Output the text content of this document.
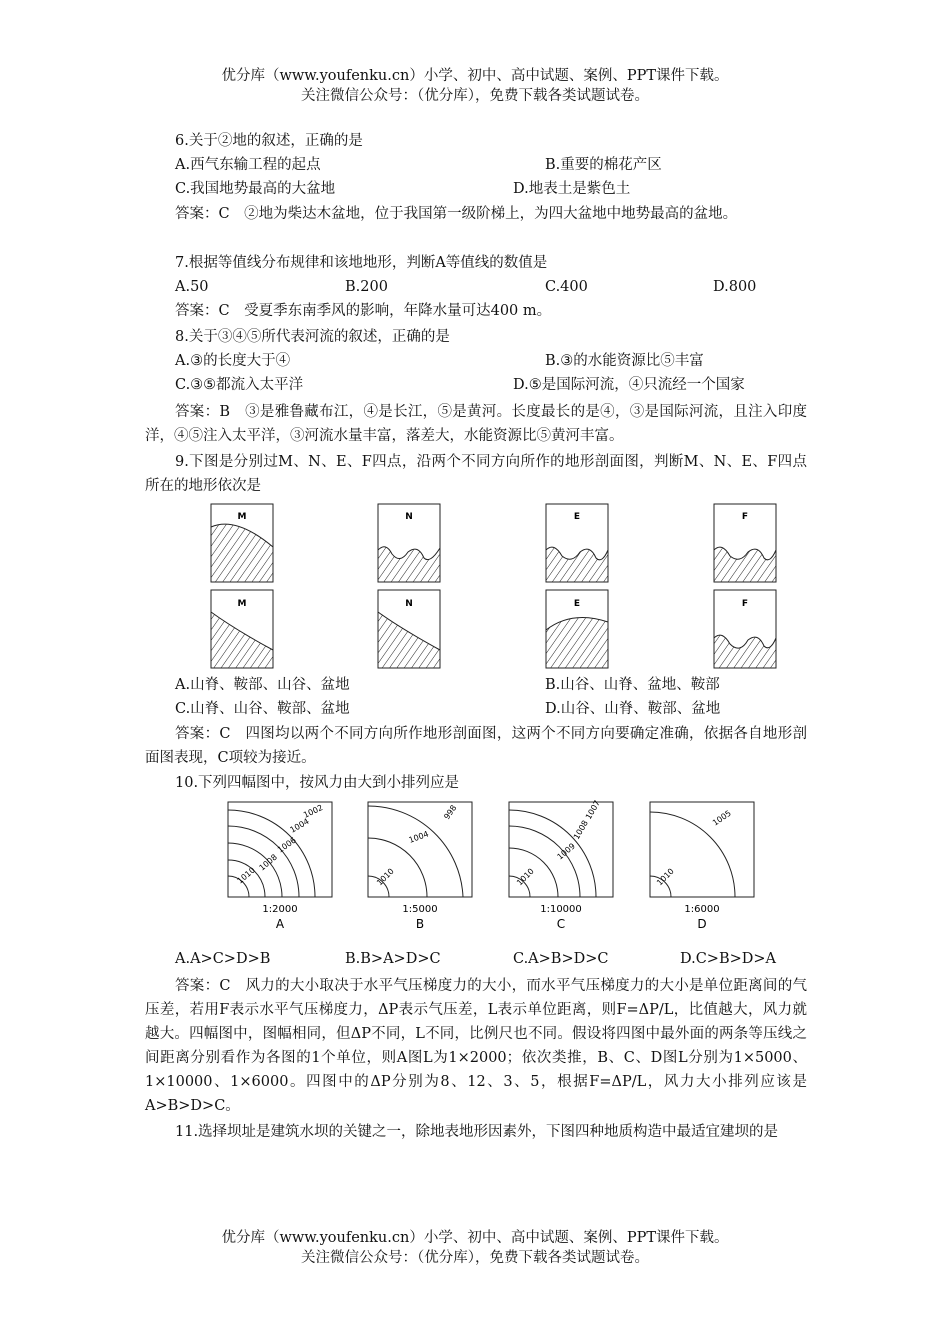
优分库（www.youfenku.cn）小学、初中、高中试题、案例、PPT课件下载。
关注微信公众号：（优分库），免费下载各类试题试卷。
6.关于②地的叙述，正确的是
A.西气东输工程的起点	B.重要的棉花产区
C.我国地势最高的大盆地	D.地表土是紫色土
答案：C　②地为柴达木盆地，位于我国第一级阶梯上，为四大盆地中地势最高的盆地。
7.根据等值线分布规律和该地地形，判断A等值线的数值是
A.50	B.200	C.400	D.800
答案：C　受夏季东南季风的影响，年降水量可达400 m。
8.关于③④⑤所代表河流的叙述，正确的是
A.③的长度大于④	B.③的水能资源比⑤丰富
C.③⑤都流入太平洋	D.⑤是国际河流，④只流经一个国家
答案：B　③是雅鲁藏布江，④是长江，⑤是黄河。长度最长的是④，③是国际河流，且注入印度洋，④⑤注入太平洋，③河流水量丰富，落差大，水能资源比⑤黄河丰富。
9.下图是分别过M、N、E、F四点，沿两个不同方向所作的地形剖面图，判断M、N、E、F四点所在的地形依次是
M	N	E	F
M	N	E	F
A.山脊、鞍部、山谷、盆地	B.山谷、山脊、盆地、鞍部
C.山脊、山谷、鞍部、盆地	D.山谷、山脊、鞍部、盆地
答案：C　四图均以两个不同方向所作地形剖面图，这两个不同方向要确定准确，依据各自地形剖面图表现，C项较为接近。
10.下列四幅图中，按风力由大到小排列应是
1010
1008
1006
1004
1002
1:2000
A
1010
1004
998
1:5000
B
1010
1009
1008
1007
1:10000
C
1010
1005
1:6000
D
A.A>C>D>B	B.B>A>D>C	C.A>B>D>C	D.C>B>D>A
答案：C　风力的大小取决于水平气压梯度力的大小，而水平气压梯度力的大小是单位距离间的气压差，若用F表示水平气压梯度力，ΔP表示气压差，L表示单位距离，则F=ΔP/L，比值越大，风力就越大。四幅图中，图幅相同，但ΔP不同，L不同，比例尺也不同。假设将四图中最外面的两条等压线之间距离分别看作为各图的1个单位，则A图L为1×2000；依次类推，B、C、D图L分别为1×5000、1×10000、1×6000。四图中的ΔP分别为8、12、3、5，根据F=ΔP/L，风力大小排列应该是A>B>D>C。
11.选择坝址是建筑水坝的关键之一，除地表地形因素外，下图四种地质构造中最适宜建坝的是
优分库（www.youfenku.cn）小学、初中、高中试题、案例、PPT课件下载。
关注微信公众号：（优分库），免费下载各类试题试卷。
